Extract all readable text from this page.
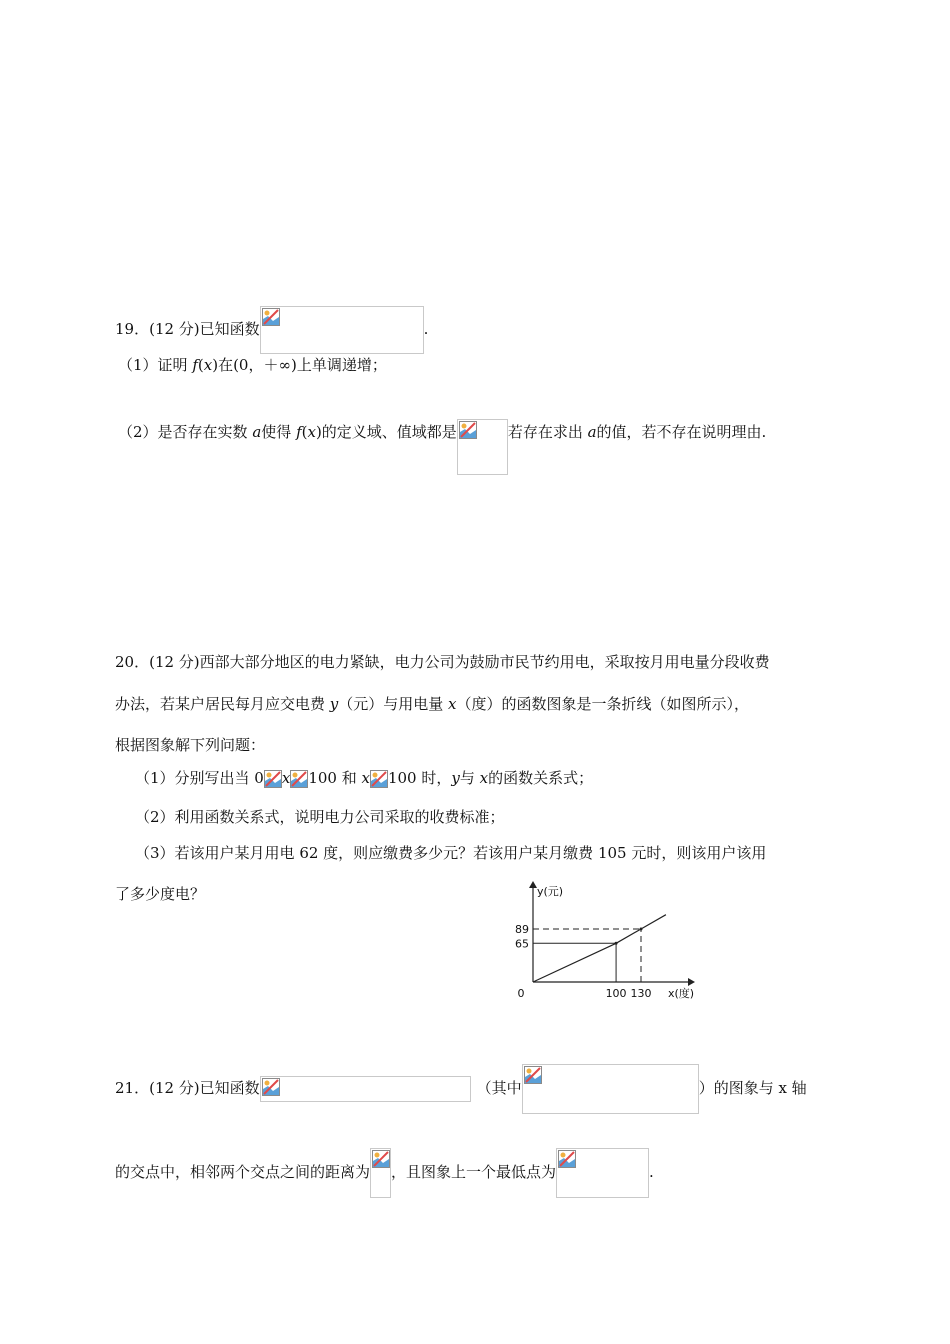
19．(12 分)已知函数	.
（1）证明 f(x)在(0，＋∞)上单调递增；
（2）是否存在实数 a使得 f(x)的定义域、值域都是	若存在求出 a的值，若不存在说明理由.
20．(12 分)西部大部分地区的电力紧缺，电力公司为鼓励市民节约用电，采取按月用电量分段收费
办法，若某户居民每月应交电费 y（元）与用电量 x（度）的函数图象是一条折线（如图所示），
根据图象解下列问题：
（1）分别写出当 0 x 100 和 x 100 时，y与 x的函数关系式；
（2）利用函数关系式，说明电力公司采取的收费标准；
（3）若该用户某月用电 62 度，则应缴费多少元？若该用户某月缴费 105 元时，则该用户该用
了多少度电？
100 130
65
89
0
y(元)
x(度)
21．(12 分)已知函数	（其中	）的图象与 x 轴
的交点中，相邻两个交点之间的距离为 ，且图象上一个最低点为	.
